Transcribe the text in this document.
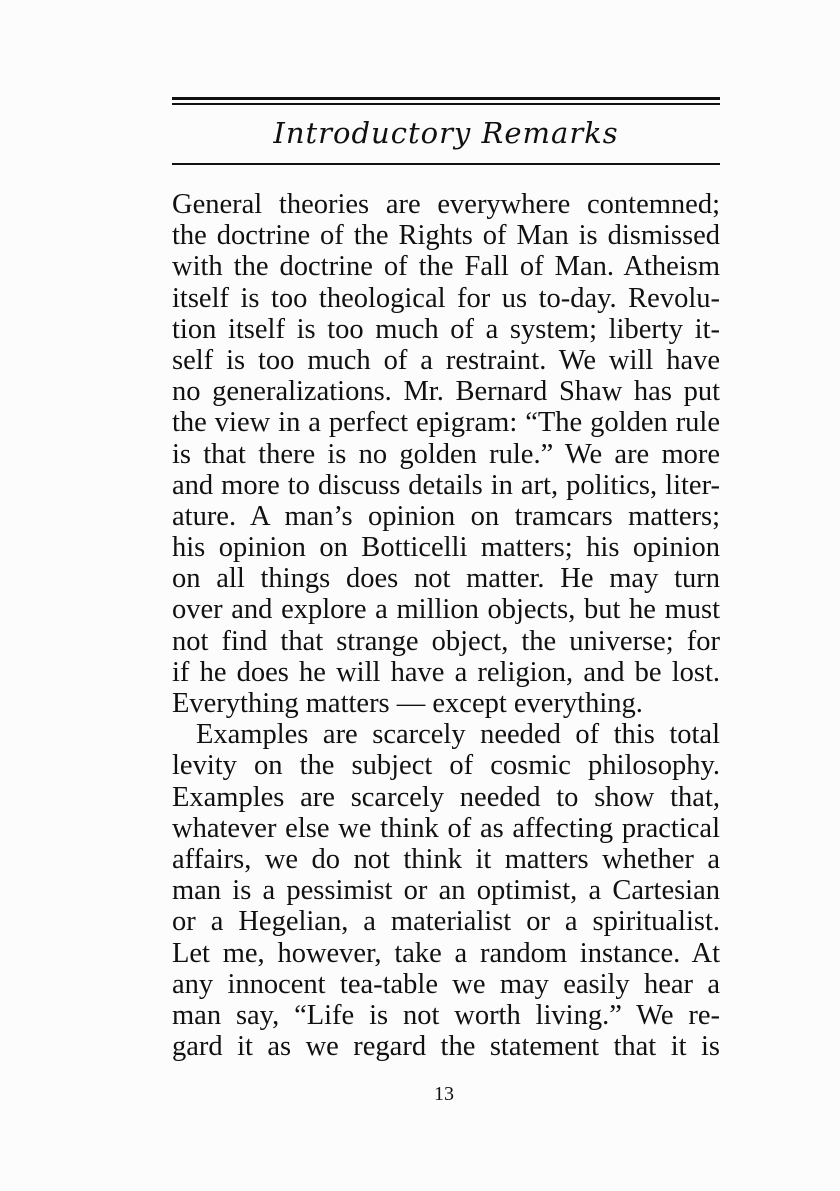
Introductory Remarks
General theories are everywhere contemned;
the doctrine of the Rights of Man is dismissed
with the doctrine of the Fall of Man. Atheism
itself is too theological for us to-day. Revolu-
tion itself is too much of a system; liberty it-
self is too much of a restraint. We will have
no generalizations. Mr. Bernard Shaw has put
the view in a perfect epigram: “The golden rule
is that there is no golden rule.” We are more
and more to discuss details in art, politics, liter-
ature. A man’s opinion on tramcars matters;
his opinion on Botticelli matters; his opinion
on all things does not matter. He may turn
over and explore a million objects, but he must
not find that strange object, the universe; for
if he does he will have a religion, and be lost.
Everything matters — except everything.
Examples are scarcely needed of this total
levity on the subject of cosmic philosophy.
Examples are scarcely needed to show that,
whatever else we think of as affecting practical
affairs, we do not think it matters whether a
man is a pessimist or an optimist, a Cartesian
or a Hegelian, a materialist or a spiritualist.
Let me, however, take a random instance. At
any innocent tea-table we may easily hear a
man say, “Life is not worth living.” We re-
gard it as we regard the statement that it is
13
